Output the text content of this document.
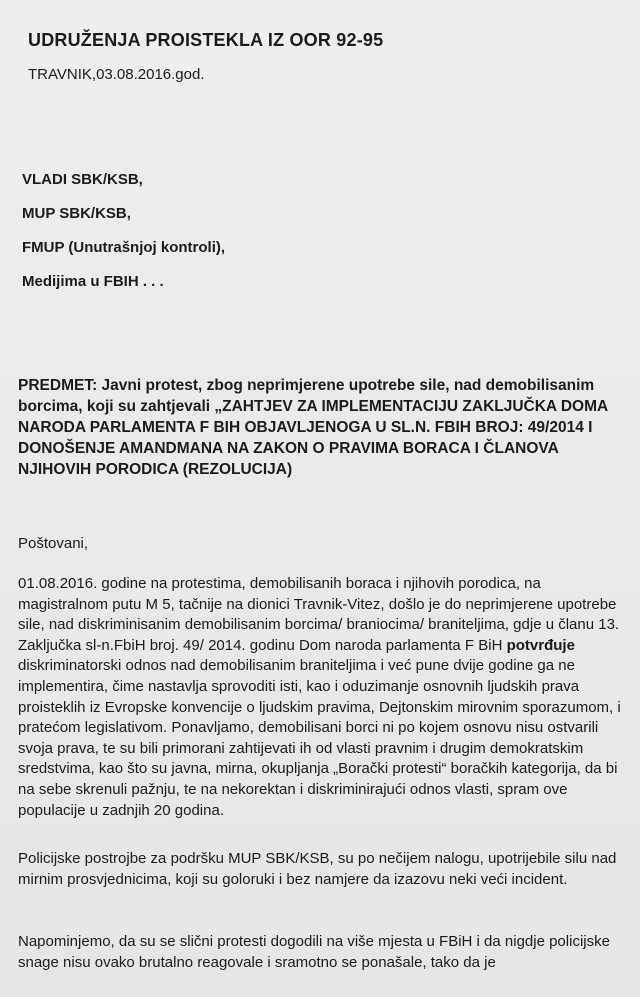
UDRUŽENJA PROISTEKLA IZ OOR 92-95
TRAVNIK,03.08.2016.god.
VLADI SBK/KSB,
MUP SBK/KSB,
FMUP (Unutrašnjoj kontroli),
Medijima u FBIH . . .
PREDMET: Javni protest, zbog neprimjerene upotrebe sile, nad demobilisanim borcima, koji su zahtjevali „ZAHTJEV ZA IMPLEMENTACIJU ZAKLJUČKA DOMA NARODA PARLAMENTA F BIH OBJAVLJENOGA U SL.N. FBIH BROJ: 49/2014 I DONOŠENJE AMANDMANA NA ZAKON O PRAVIMA BORACA I ČLANOVA NJIHOVIH PORODICA (REZOLUCIJA)
Poštovani,

01.08.2016. godine na protestima, demobilisanih boraca i njihovih porodica, na magistralnom putu M 5, tačnije na dionici Travnik-Vitez, došlo je do neprimjerene upotrebe sile, nad diskriminisanim demobilisanim borcima/ braniocima/ braniteljima, gdje u članu 13. Zaključka sl-n.FbiH broj. 49/ 2014. godinu Dom naroda parlamenta F BiH potvrđuje diskriminatorski odnos nad demobilisanim braniteljima i već pune dvije godine ga ne implementira, čime nastavlja sprovoditi isti, kao i oduzimanje osnovnih ljudskih prava proisteklih iz Evropske konvencije o ljudskim pravima, Dejtonskim mirovnim sporazumom, i pratećom legislativom. Ponavljamo, demobilisani borci ni po kojem osnovu nisu ostvarili svoja prava, te su bili primorani zahtijevati ih od vlasti pravnim i drugim demokratskim sredstvima, kao što su javna, mirna, okupljanja „Borački protesti“ boračkih kategorija, da bi na sebe skrenuli pažnju, te na nekorektan i diskriminirajući odnos vlasti, spram ove populacije u zadnjih 20 godina.

Policijske postrojbe za podršku MUP SBK/KSB, su po nečijem nalogu, upotrijebile silu nad mirnim prosvjednicima, koji su goloruki i bez namjere da izazovu neki veći incident.

Napominjemo, da su se slični protesti dogodili na više mjesta u FBiH i da nigdje policijske snage nisu ovako brutalno reagovale i sramotno se ponašale, tako da je
